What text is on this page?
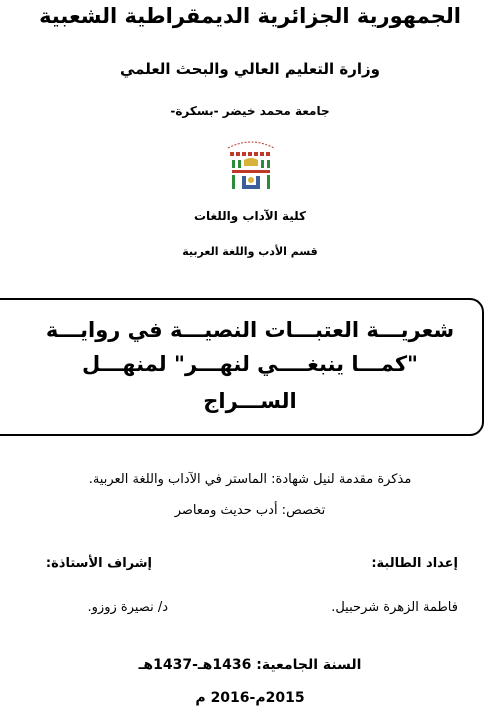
الجمهورية الجزائرية الديمقراطية الشعبية
وزارة التعليم العالي والبحث العلمي
جامعة محمد خيضر -بسكرة-
كلية الآداب واللغات
قسم الأدب واللغة العربية
شعريـــة العتبـــات النصيـــة في روايـــة
"كمـــا ينبغــــي لنهـــر" لمنهـــل
الســـراج
مذكرة مقدمة لنيل شهادة: الماستر في الآداب واللغة العربية.
تخصص: أدب حديث ومعاصر
إعداد الطالبة:
إشراف الأستاذة:
فاطمة الزهرة شرحبيل.
د/ نصيرة زوزو.
السنة الجامعية: 1436هـ-1437هـ
2015م-2016 م
